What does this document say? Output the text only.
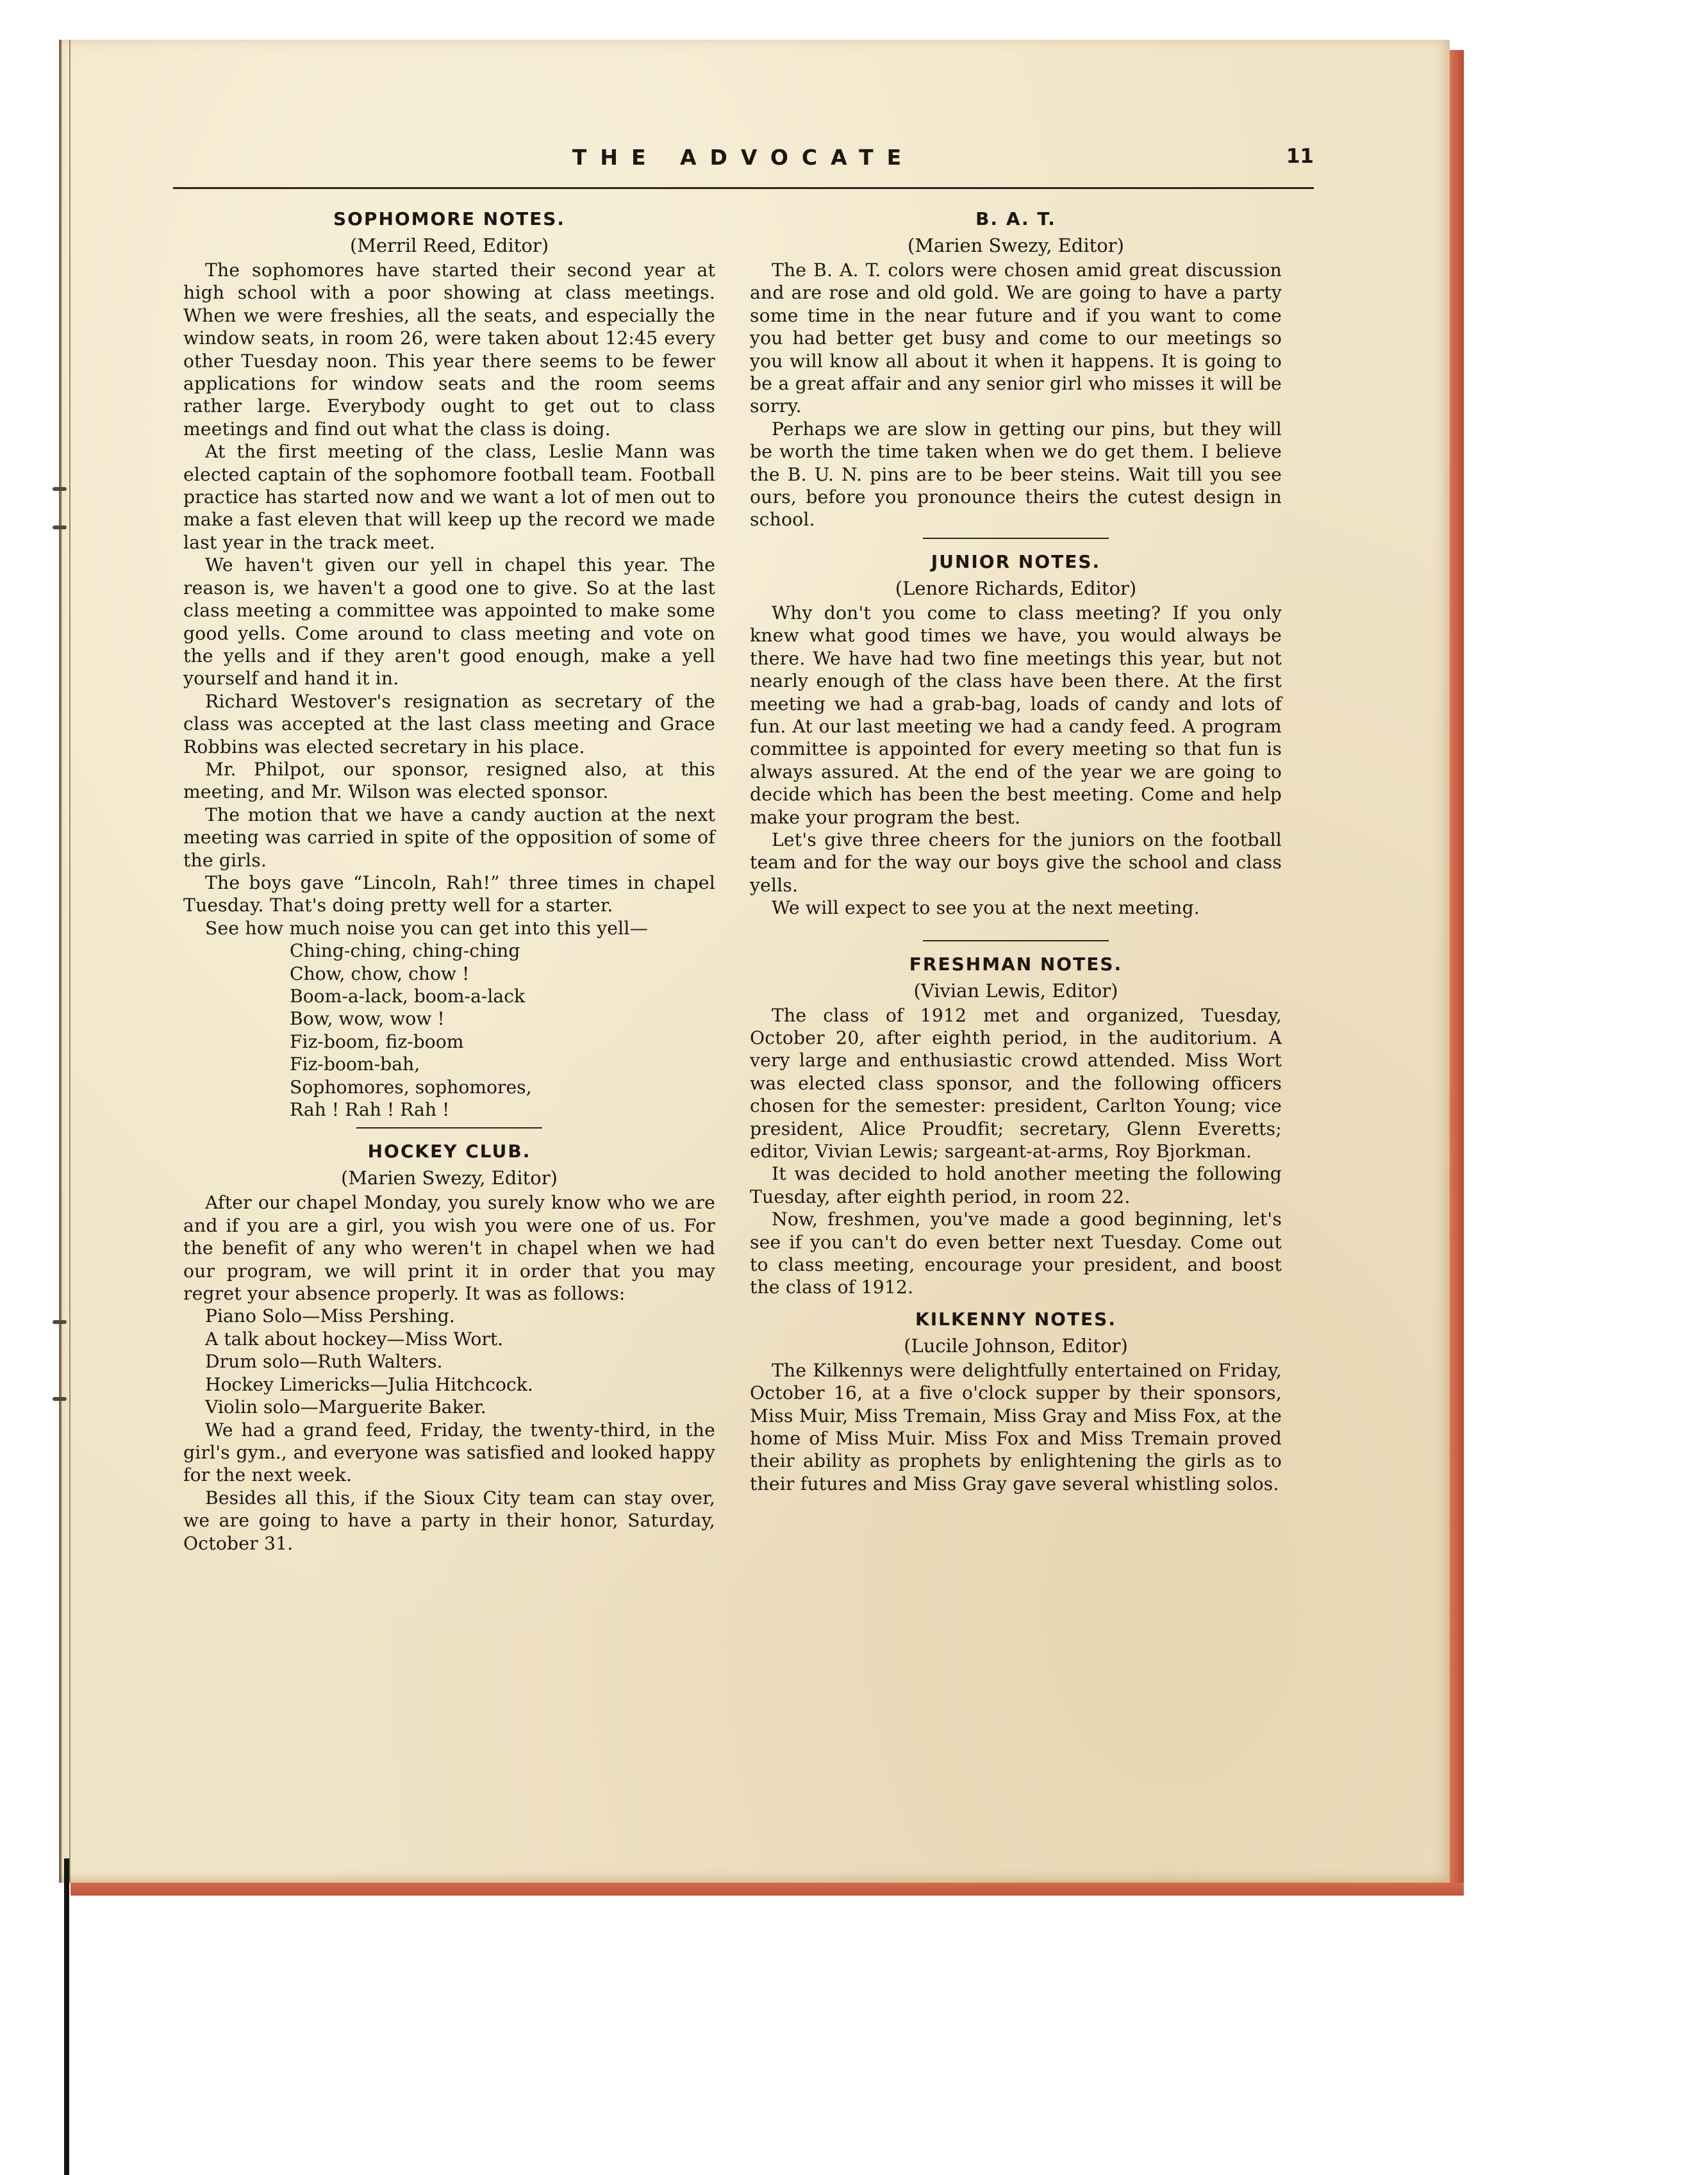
THE ADVOCATE	11
SOPHOMORE NOTES.
(Merril Reed, Editor)

The sophomores have started their second year at high school with a poor showing at class meetings. When we were freshies, all the seats, and especially the window seats, in room 26, were taken about 12:45 every other Tuesday noon. This year there seems to be fewer applications for window seats and the room seems rather large. Everybody ought to get out to class meetings and find out what the class is doing.

At the first meeting of the class, Leslie Mann was elected captain of the sophomore football team. Football practice has started now and we want a lot of men out to make a fast eleven that will keep up the record we made last year in the track meet.

We haven't given our yell in chapel this year. The reason is, we haven't a good one to give. So at the last class meeting a committee was appointed to make some good yells. Come around to class meeting and vote on the yells and if they aren't good enough, make a yell yourself and hand it in.

Richard Westover's resignation as secretary of the class was accepted at the last class meeting and Grace Robbins was elected secretary in his place.

Mr. Philpot, our sponsor, resigned also, at this meeting, and Mr. Wilson was elected sponsor.

The motion that we have a candy auction at the next meeting was carried in spite of the opposition of some of the girls.

The boys gave “Lincoln, Rah!” three times in chapel Tuesday. That's doing pretty well for a starter.

See how much noise you can get into this yell—

Ching-ching, ching-ching
Chow, chow, chow !
Boom-a-lack, boom-a-lack
Bow, wow, wow !
Fiz-boom, fiz-boom
Fiz-boom-bah,
Sophomores, sophomores,
Rah ! Rah ! Rah !
HOCKEY CLUB.
(Marien Swezy, Editor)

After our chapel Monday, you surely know who we are and if you are a girl, you wish you were one of us. For the benefit of any who weren't in chapel when we had our program, we will print it in order that you may regret your absence properly. It was as follows:

Piano Solo—Miss Pershing.
A talk about hockey—Miss Wort.
Drum solo—Ruth Walters.
Hockey Limericks—Julia Hitchcock.
Violin solo—Marguerite Baker.

We had a grand feed, Friday, the twenty-third, in the girl's gym., and everyone was satisfied and looked happy for the next week.

Besides all this, if the Sioux City team can stay over, we are going to have a party in their honor, Saturday, October 31.

B. A. T.
(Marien Swezy, Editor)

The B. A. T. colors were chosen amid great discussion and are rose and old gold. We are going to have a party some time in the near future and if you want to come you had better get busy and come to our meetings so you will know all about it when it happens. It is going to be a great affair and any senior girl who misses it will be sorry.

Perhaps we are slow in getting our pins, but they will be worth the time taken when we do get them. I believe the B. U. N. pins are to be beer steins. Wait till you see ours, before you pronounce theirs the cutest design in school.

JUNIOR NOTES.
(Lenore Richards, Editor)

Why don't you come to class meeting? If you only knew what good times we have, you would always be there. We have had two fine meetings this year, but not nearly enough of the class have been there. At the first meeting we had a grab-bag, loads of candy and lots of fun. At our last meeting we had a candy feed. A program committee is appointed for every meeting so that fun is always assured. At the end of the year we are going to decide which has been the best meeting. Come and help make your program the best.

Let's give three cheers for the juniors on the football team and for the way our boys give the school and class yells.

We will expect to see you at the next meeting.

FRESHMAN NOTES.
(Vivian Lewis, Editor)

The class of 1912 met and organized, Tuesday, October 20, after eighth period, in the auditorium. A very large and enthusiastic crowd attended. Miss Wort was elected class sponsor, and the following officers chosen for the semester: president, Carlton Young; vice president, Alice Proudfit; secretary, Glenn Everetts; editor, Vivian Lewis; sargeant-at-arms, Roy Bjorkman.

It was decided to hold another meeting the following Tuesday, after eighth period, in room 22.

Now, freshmen, you've made a good beginning, let's see if you can't do even better next Tuesday. Come out to class meeting, encourage your president, and boost the class of 1912.

KILKENNY NOTES.
(Lucile Johnson, Editor)

The Kilkennys were delightfully entertained on Friday, October 16, at a five o'clock supper by their sponsors, Miss Muir, Miss Tremain, Miss Gray and Miss Fox, at the home of Miss Muir. Miss Fox and Miss Tremain proved their ability as prophets by enlightening the girls as to their futures and Miss Gray gave several whistling solos.
